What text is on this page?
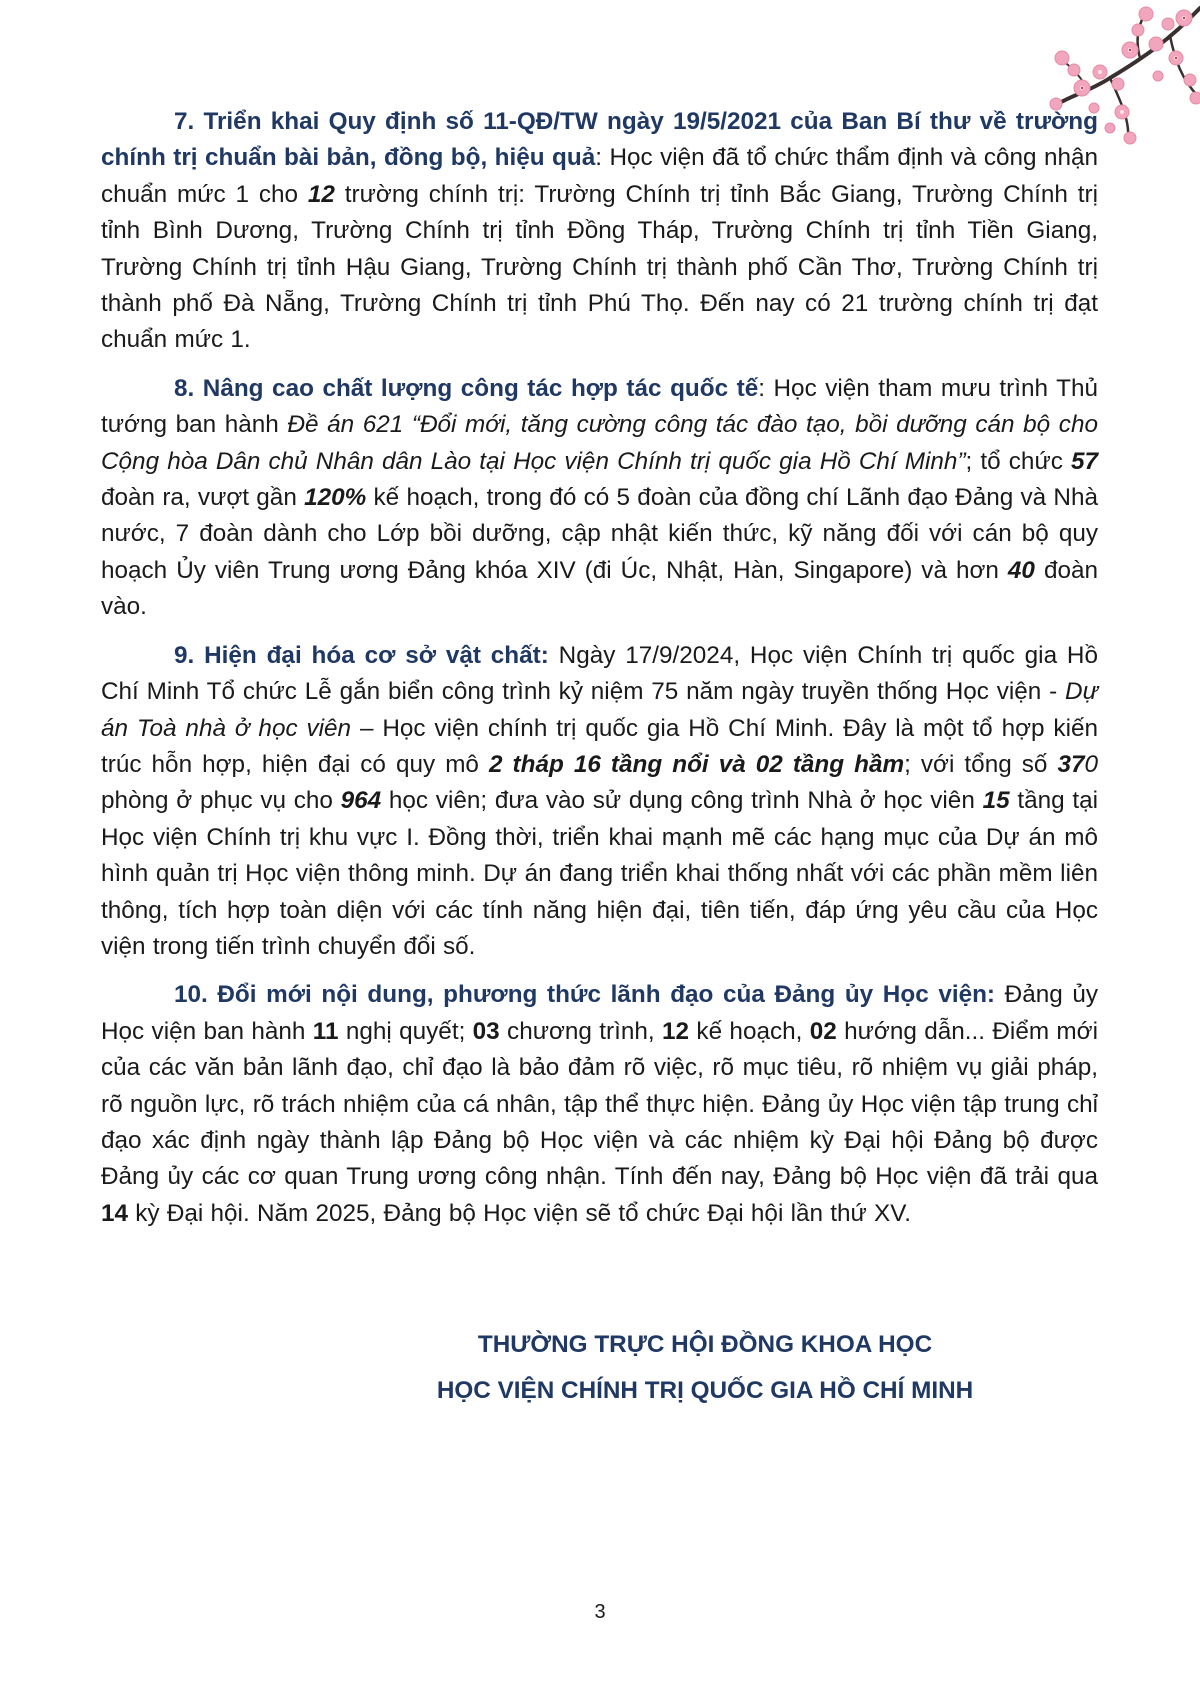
7. Triển khai Quy định số 11-QĐ/TW ngày 19/5/2021 của Ban Bí thư về trường chính trị chuẩn bài bản, đồng bộ, hiệu quả: Học viện đã tổ chức thẩm định và công nhận chuẩn mức 1 cho 12 trường chính trị: Trường Chính trị tỉnh Bắc Giang, Trường Chính trị tỉnh Bình Dương, Trường Chính trị tỉnh Đồng Tháp, Trường Chính trị tỉnh Tiền Giang, Trường Chính trị tỉnh Hậu Giang, Trường Chính trị thành phố Cần Thơ, Trường Chính trị thành phố Đà Nẵng, Trường Chính trị tỉnh Phú Thọ. Đến nay có 21 trường chính trị đạt chuẩn mức 1.

8. Nâng cao chất lượng công tác hợp tác quốc tế: Học viện tham mưu trình Thủ tướng ban hành Đề án 621 “Đổi mới, tăng cường công tác đào tạo, bồi dưỡng cán bộ cho Cộng hòa Dân chủ Nhân dân Lào tại Học viện Chính trị quốc gia Hồ Chí Minh”; tổ chức 57 đoàn ra, vượt gần 120% kế hoạch, trong đó có 5 đoàn của đồng chí Lãnh đạo Đảng và Nhà nước, 7 đoàn dành cho Lớp bồi dưỡng, cập nhật kiến thức, kỹ năng đối với cán bộ quy hoạch Ủy viên Trung ương Đảng khóa XIV (đi Úc, Nhật, Hàn, Singapore) và hơn 40 đoàn vào.

9. Hiện đại hóa cơ sở vật chất: Ngày 17/9/2024, Học viện Chính trị quốc gia Hồ Chí Minh Tổ chức Lễ gắn biển công trình kỷ niệm 75 năm ngày truyền thống Học viện - Dự án Toà nhà ở học viên – Học viện chính trị quốc gia Hồ Chí Minh. Đây là một tổ hợp kiến trúc hỗn hợp, hiện đại có quy mô 2 tháp 16 tầng nổi và 02 tầng hầm; với tổng số 370 phòng ở phục vụ cho 964 học viên; đưa vào sử dụng công trình Nhà ở học viên 15 tầng tại Học viện Chính trị khu vực I. Đồng thời, triển khai mạnh mẽ các hạng mục của Dự án mô hình quản trị Học viện thông minh. Dự án đang triển khai thống nhất với các phần mềm liên thông, tích hợp toàn diện với các tính năng hiện đại, tiên tiến, đáp ứng yêu cầu của Học viện trong tiến trình chuyển đổi số.

10. Đổi mới nội dung, phương thức lãnh đạo của Đảng ủy Học viện: Đảng ủy Học viện ban hành 11 nghị quyết; 03 chương trình, 12 kế hoạch, 02 hướng dẫn... Điểm mới của các văn bản lãnh đạo, chỉ đạo là bảo đảm rõ việc, rõ mục tiêu, rõ nhiệm vụ giải pháp, rõ nguồn lực, rõ trách nhiệm của cá nhân, tập thể thực hiện. Đảng ủy Học viện tập trung chỉ đạo xác định ngày thành lập Đảng bộ Học viện và các nhiệm kỳ Đại hội Đảng bộ được Đảng ủy các cơ quan Trung ương công nhận. Tính đến nay, Đảng bộ Học viện đã trải qua 14 kỳ Đại hội. Năm 2025, Đảng bộ Học viện sẽ tổ chức Đại hội lần thứ XV.

THƯỜNG TRỰC HỘI ĐỒNG KHOA HỌC
HỌC VIỆN CHÍNH TRỊ QUỐC GIA HỒ CHÍ MINH
3
